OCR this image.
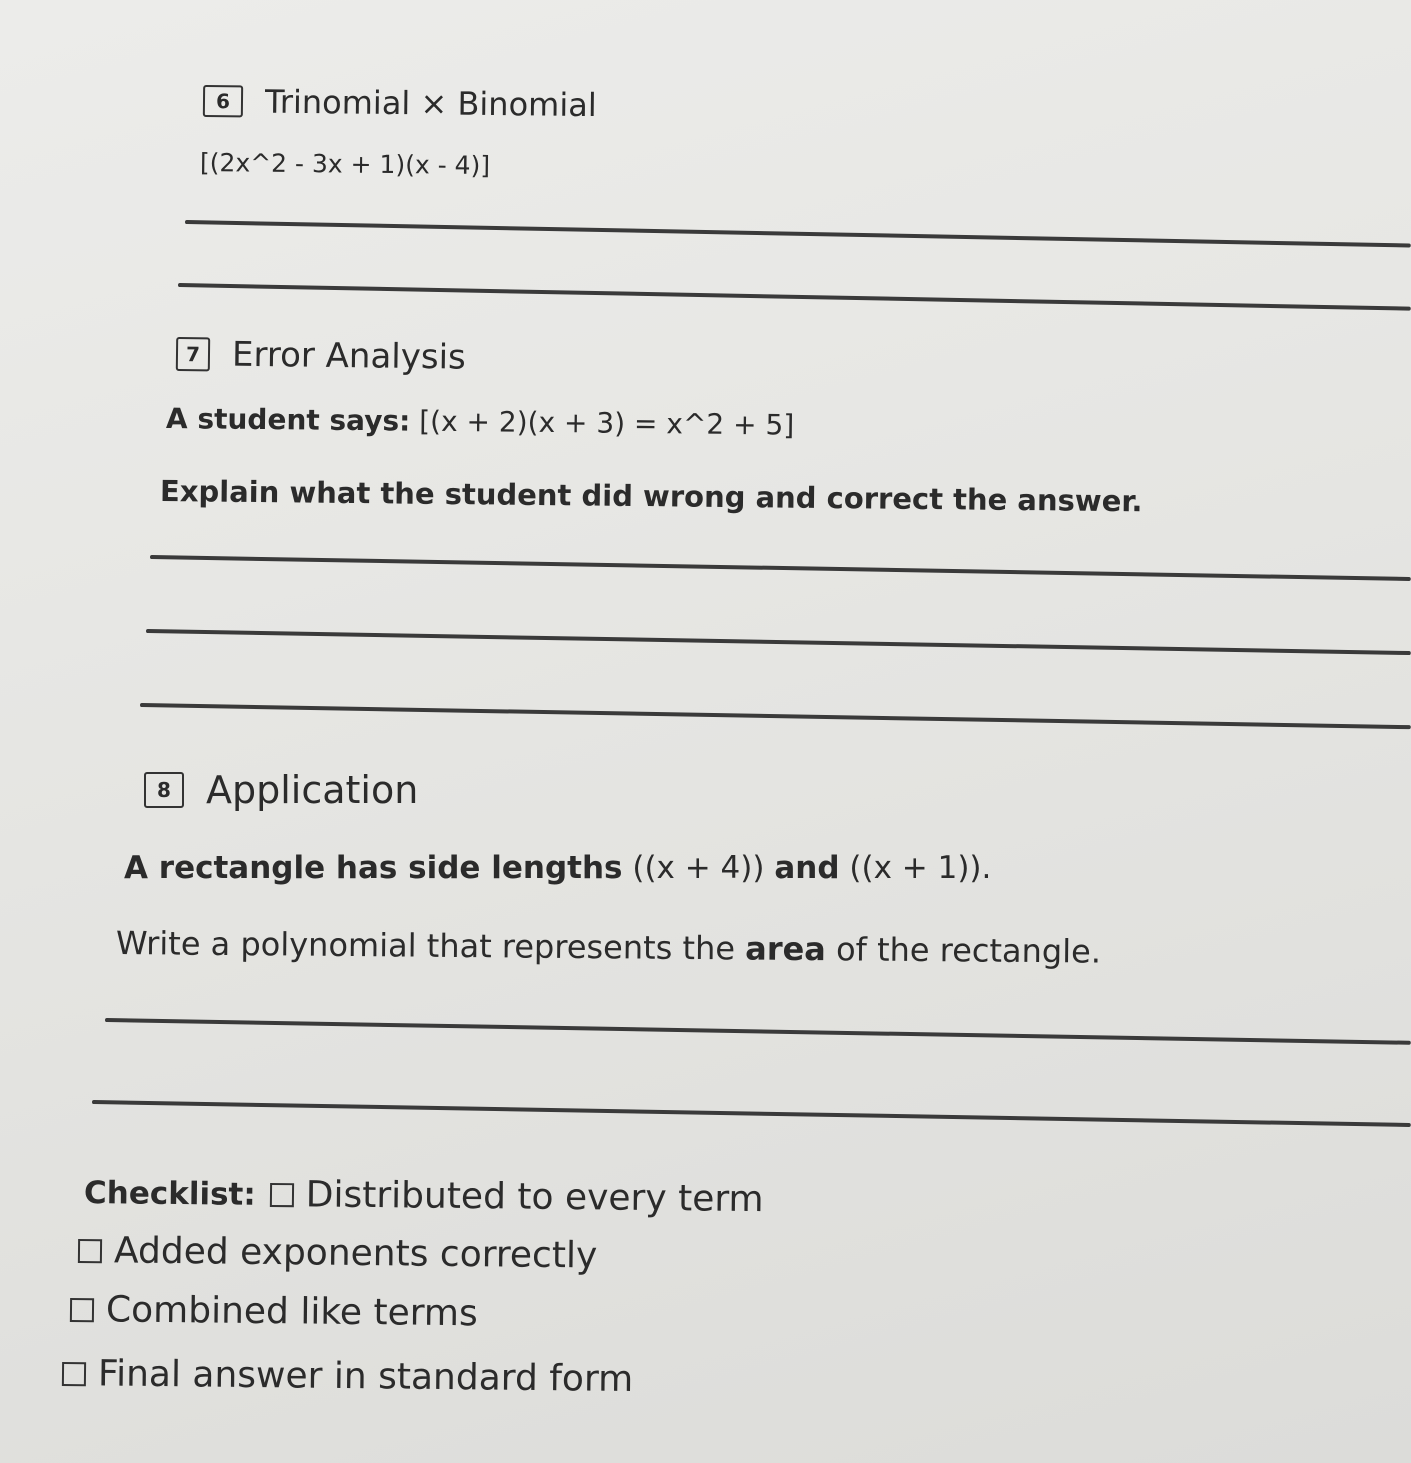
6	Trinomial × Binomial
[(2x^2 - 3x + 1)(x - 4)]
7 Error Analysis
A student says: [(x + 2)(x + 3) = x^2 + 5]
Explain what the student did wrong and correct the answer.
8 Application
A rectangle has side lengths ((x + 4)) and ((x + 1)).
Write a polynomial that represents the area of the rectangle.
Checklist: Distributed to every term
Added exponents correctly
Combined like terms
Final answer in standard form
